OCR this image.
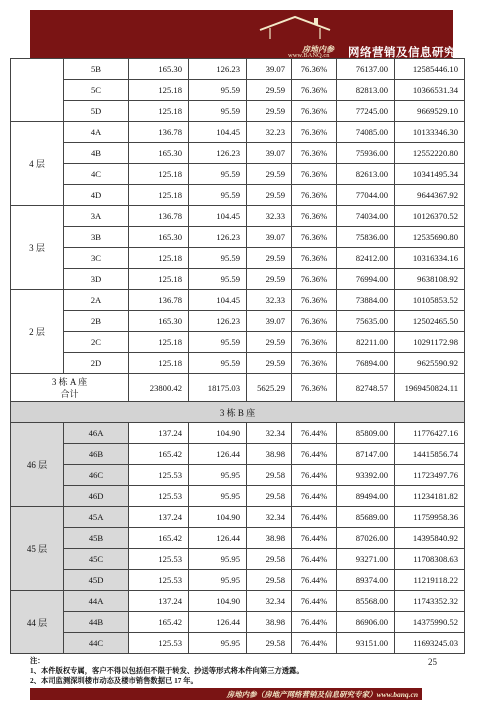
房地内参
www.BANQ.cn 网络营销及信息研究专家
	5B	165.30	126.23	39.07	76.36%	76137.00	12585446.10
	5C	125.18	95.59	29.59	76.36%	82813.00	10366531.34
	5D	125.18	95.59	29.59	76.36%	77245.00	9669529.10
4 层	4A	136.78	104.45	32.23	76.36%	74085.00	10133346.30
	4B	165.30	126.23	39.07	76.36%	75936.00	12552220.80
	4C	125.18	95.59	29.59	76.36%	82613.00	10341495.34
	4D	125.18	95.59	29.59	76.36%	77044.00	9644367.92
3 层	3A	136.78	104.45	32.33	76.36%	74034.00	10126370.52
	3B	165.30	126.23	39.07	76.36%	75836.00	12535690.80
	3C	125.18	95.59	29.59	76.36%	82412.00	10316334.16
	3D	125.18	95.59	29.59	76.36%	76994.00	9638108.92
2 层	2A	136.78	104.45	32.33	76.36%	73884.00	10105853.52
	2B	165.30	126.23	39.07	76.36%	75635.00	12502465.50
	2C	125.18	95.59	29.59	76.36%	82211.00	10291172.98
	2D	125.18	95.59	29.59	76.36%	76894.00	9625590.92

3 栋 A 座
合计		23800.42	18175.03	5625.29	76.36%	82748.57	1969450824.11
3 栋 B 座							
46 层	46A	137.24	104.90	32.34	76.44%	85809.00	11776427.16
	46B	165.42	126.44	38.98	76.44%	87147.00	14415856.74
	46C	125.53	95.95	29.58	76.44%	93392.00	11723497.76
	46D	125.53	95.95	29.58	76.44%	89494.00	11234181.82
45 层	45A	137.24	104.90	32.34	76.44%	85689.00	11759958.36
	45B	165.42	126.44	38.98	76.44%	87026.00	14395840.92
	45C	125.53	95.95	29.58	76.44%	93271.00	11708308.63
	45D	125.53	95.95	29.58	76.44%	89374.00	11219118.22
44 层	44A	137.24	104.90	32.34	76.44%	85568.00	11743352.32
	44B	165.42	126.44	38.98	76.44%	86906.00	14375990.52
	44C	125.53	95.95	29.58	76.44%	93151.00	11693245.03
注：
1、本件版权专属，客户不得以包括但不限于转发、抄送等形式将本件向第三方透露。
2、本司监测深圳楼市动态及楼市销售数据已 17 年。
25
房地内参（房地产网络营销及信息研究专家）www.banq.cn
